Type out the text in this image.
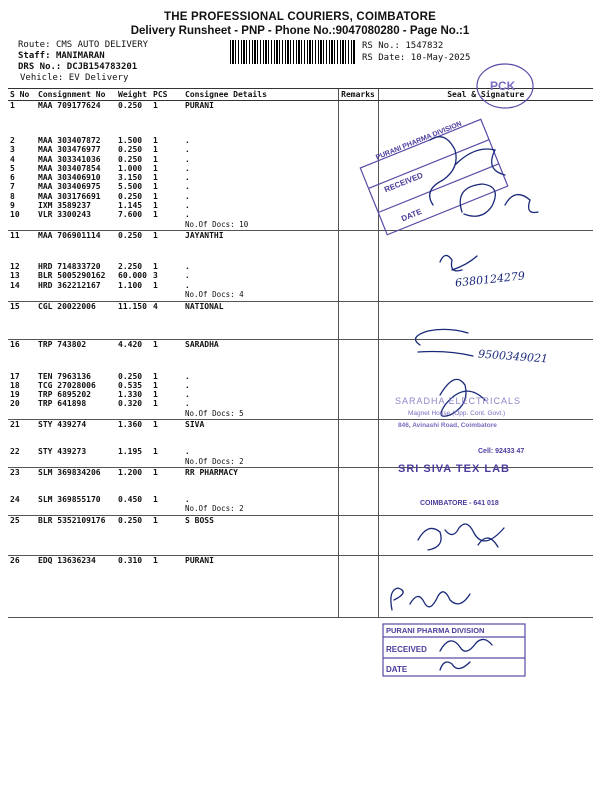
THE PROFESSIONAL COURIERS, COIMBATORE
Delivery Runsheet - PNP - Phone No.:9047080280 - Page No.:1
Route: CMS AUTO DELIVERY
Staff: MANIMARAN
DRS No.: DCJB154783201
Vehicle: EV Delivery
RS No.: 1547832
RS Date: 10-May-2025
S No	Consignment No	Weight	PCS	Consignee Details	Remarks	Seal & Signature
1	MAA 709177624	0.250	1	PURANI		

2	MAA 303407872	1.500	1	.		
3	MAA 303476977	0.250	1	.		
4	MAA 303341036	0.250	1	.		
5	MAA 303407854	1.000	1	.		
6	MAA 303406910	3.150	1	.		
7	MAA 303406975	5.500	1	.		
8	MAA 303176691	0.250	1	.		
9	IXM 3589237	1.145	1	.		
10	VLR 3300243	7.600	1	.		
				No.Of Docs: 10		
11	MAA 706901114	0.250	1	JAYANTHI		

12	HRD 714833720	2.250	1	.		
13	BLR 5005290162	60.000	3	.		
14	HRD 362212167	1.100	1	.		
				No.Of Docs: 4		
15	CGL 20022006	11.150	4	NATIONAL		
16	TRP 743802	4.420	1	SARADHA		

17	TEN 7963136	0.250	1	.		
18	TCG 27028006	0.535	1	.		
19	TRP 6895202	1.330	1	.		
20	TRP 641898	0.320	1	.		
				No.Of Docs: 5		
21	STY 439274	1.360	1	SIVA		

22	STY 439273	1.195	1	.		
				No.Of Docs: 2		
23	SLM 369834206	1.200	1	RR PHARMACY		

24	SLM 369855170	0.450	1	.		
				No.Of Docs: 2		
25	BLR 5352109176	0.250	1	S BOSS		
26	EDQ 13636234	0.310	1	PURANI		

PCK
PURANI PHARMA DIVISION
RECEIVED
DATE
6380124279
9500349021
SARADHA ELECTRICALS
Magnet House (Opp. Cont. Govt.)
846, Avinashi Road, Coimbatore
Cell: 92433 47
SRI SIVA TEX LAB
COIMBATORE - 641 018
PURANI PHARMA DIVISION
RECEIVED
DATE
